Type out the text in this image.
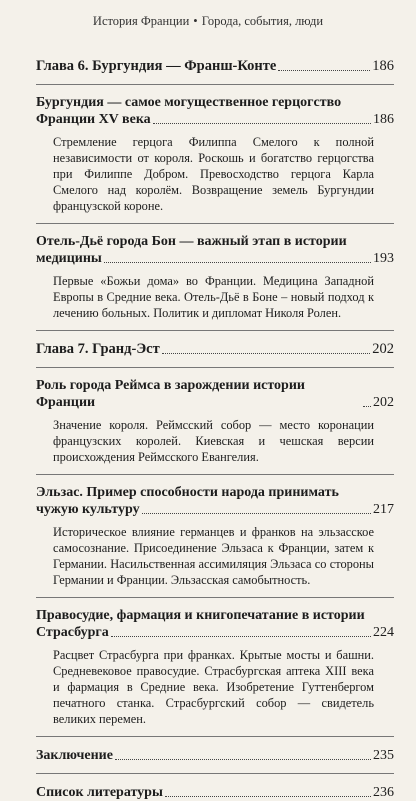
История Франции • Города, события, люди
Глава 6. Бургундия — Франш-Конте	186
Бургундия — самое могущественное герцогство
Франции XV века	186
Стремление герцога Филиппа Смелого к полной независимости от короля. Роскошь и богатство герцогства при Филиппе Добром. Превосходство герцога Карла Смелого над королём. Возвращение земель Бургундии французской короне.
Отель-Дьё города Бон — важный этап в истории
медицины	193
Первые «Божьи дома» во Франции. Медицина Западной Европы в Средние века. Отель-Дьё в Боне – новый подход к лечению больных. Политик и дипломат Николя Ролен.
Глава 7. Гранд-Эст	202
Роль города Реймса в зарождении истории Франции	202
Значение короля. Реймсский собор — место коронации французских королей. Киевская и чешская версии происхождения Реймсского Евангелия.
Эльзас. Пример способности народа принимать
чужую культуру	217
Историческое влияние германцев и франков на эльзасское самосознание. Присоединение Эльзаса к Франции, затем к Германии. Насильственная ассимиляция Эльзаса со стороны Германии и Франции. Эльзасская самобытность.
Правосудие, фармация и книгопечатание в истории
Страсбурга	224
Расцвет Страсбурга при франках. Крытые мосты и башни. Средневековое правосудие. Страсбургская аптека XIII века и фармация в Средние века. Изобретение Гуттенбергом печатного станка. Страсбургский собор — свидетель великих перемен.
Заключение	235
Список литературы	236
